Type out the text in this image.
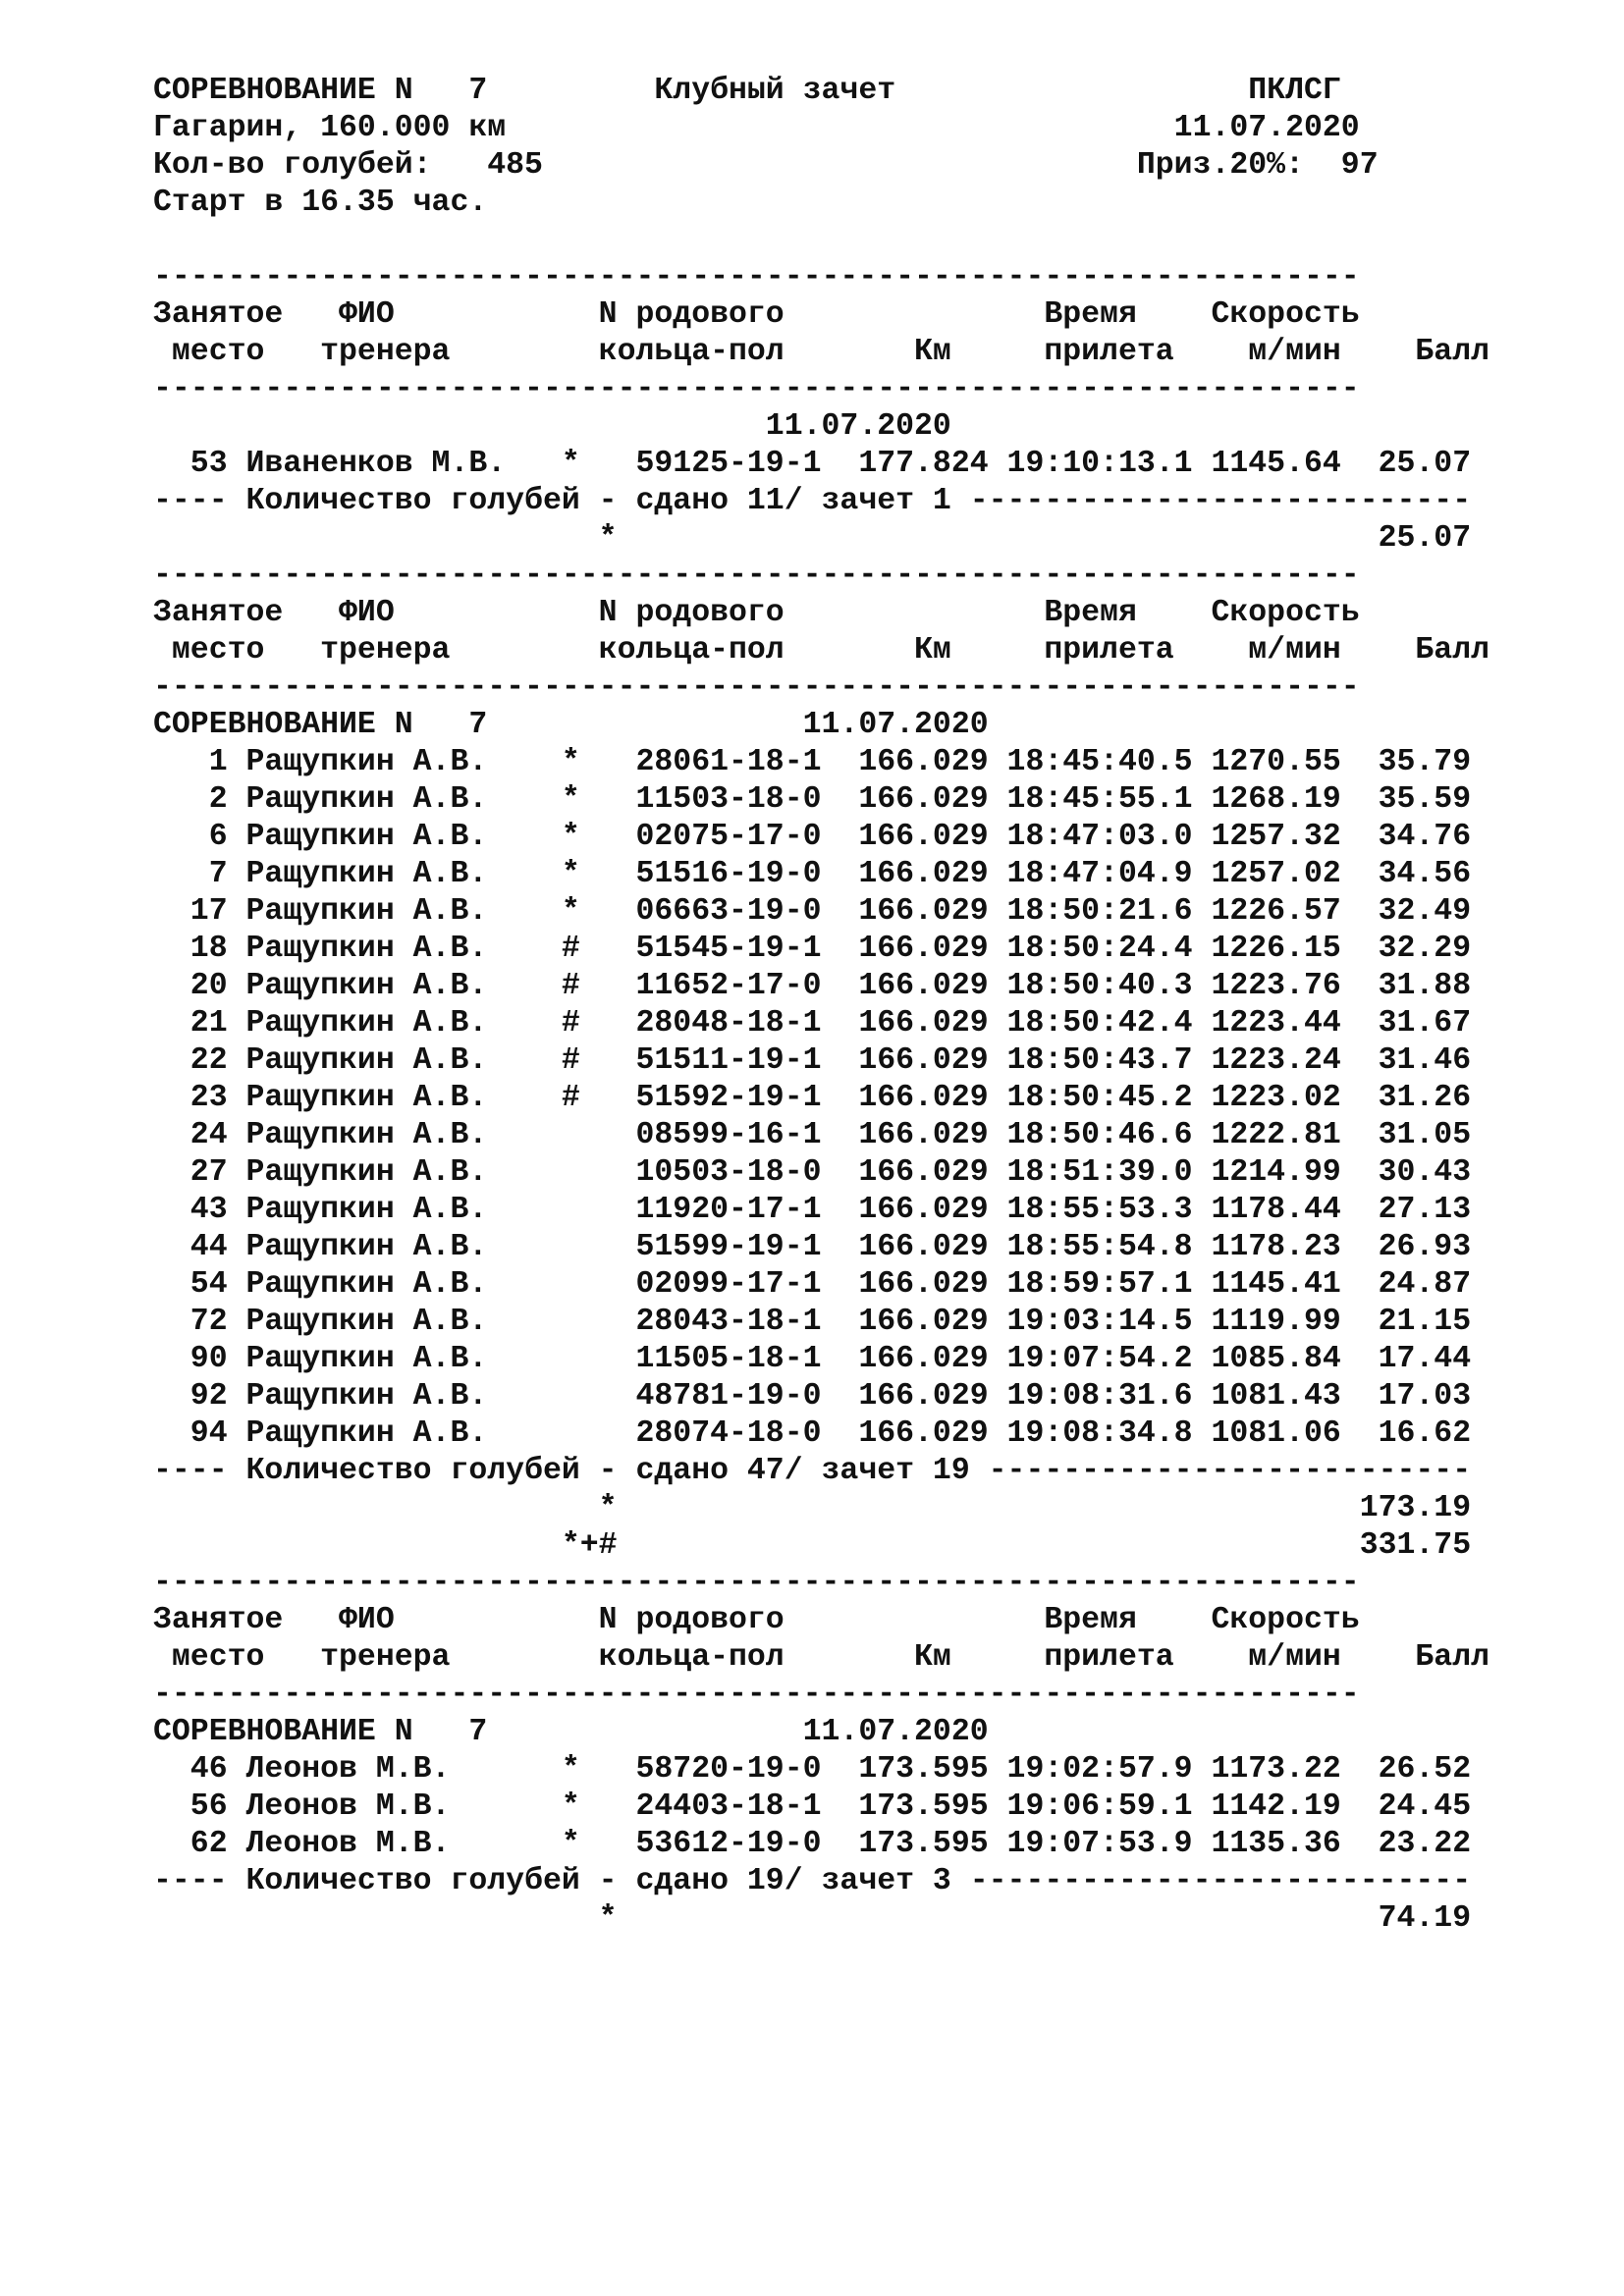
СОРЕВНОВАНИЕ N   7         Клубный зачет                   ПКЛСГ
Гагарин, 160.000 км                                    11.07.2020
Кол-во голубей:   485                                Приз.20%:  97
Старт в 16.35 час.

-----------------------------------------------------------------
Занятое   ФИО           N родового              Время    Скорость
место   тренера        кольца-пол       Км     прилета    м/мин    Балл
-----------------------------------------------------------------
11.07.2020
53 Иваненков М.В.   *   59125-19-1  177.824 19:10:13.1 1145.64  25.07
---- Количество голубей - сдано 11/ зачет 1 ---------------------------
*                                         25.07
-----------------------------------------------------------------
Занятое   ФИО           N родового              Время    Скорость
место   тренера        кольца-пол       Км     прилета    м/мин    Балл
-----------------------------------------------------------------
СОРЕВНОВАНИЕ N   7                 11.07.2020
1 Ращупкин А.В.    *   28061-18-1  166.029 18:45:40.5 1270.55  35.79
2 Ращупкин А.В.    *   11503-18-0  166.029 18:45:55.1 1268.19  35.59
6 Ращупкин А.В.    *   02075-17-0  166.029 18:47:03.0 1257.32  34.76
7 Ращупкин А.В.    *   51516-19-0  166.029 18:47:04.9 1257.02  34.56
17 Ращупкин А.В.    *   06663-19-0  166.029 18:50:21.6 1226.57  32.49
18 Ращупкин А.В.    #   51545-19-1  166.029 18:50:24.4 1226.15  32.29
20 Ращупкин А.В.    #   11652-17-0  166.029 18:50:40.3 1223.76  31.88
21 Ращупкин А.В.    #   28048-18-1  166.029 18:50:42.4 1223.44  31.67
22 Ращупкин А.В.    #   51511-19-1  166.029 18:50:43.7 1223.24  31.46
23 Ращупкин А.В.    #   51592-19-1  166.029 18:50:45.2 1223.02  31.26
24 Ращупкин А.В.        08599-16-1  166.029 18:50:46.6 1222.81  31.05
27 Ращупкин А.В.        10503-18-0  166.029 18:51:39.0 1214.99  30.43
43 Ращупкин А.В.        11920-17-1  166.029 18:55:53.3 1178.44  27.13
44 Ращупкин А.В.        51599-19-1  166.029 18:55:54.8 1178.23  26.93
54 Ращупкин А.В.        02099-17-1  166.029 18:59:57.1 1145.41  24.87
72 Ращупкин А.В.        28043-18-1  166.029 19:03:14.5 1119.99  21.15
90 Ращупкин А.В.        11505-18-1  166.029 19:07:54.2 1085.84  17.44
92 Ращупкин А.В.        48781-19-0  166.029 19:08:31.6 1081.43  17.03
94 Ращупкин А.В.        28074-18-0  166.029 19:08:34.8 1081.06  16.62
---- Количество голубей - сдано 47/ зачет 19 --------------------------
*                                        173.19
*+#                                        331.75
-----------------------------------------------------------------
Занятое   ФИО           N родового              Время    Скорость
место   тренера        кольца-пол       Км     прилета    м/мин    Балл
-----------------------------------------------------------------
СОРЕВНОВАНИЕ N   7                 11.07.2020
46 Леонов М.В.      *   58720-19-0  173.595 19:02:57.9 1173.22  26.52
56 Леонов М.В.      *   24403-18-1  173.595 19:06:59.1 1142.19  24.45
62 Леонов М.В.      *   53612-19-0  173.595 19:07:53.9 1135.36  23.22
---- Количество голубей - сдано 19/ зачет 3 ---------------------------
*                                         74.19
